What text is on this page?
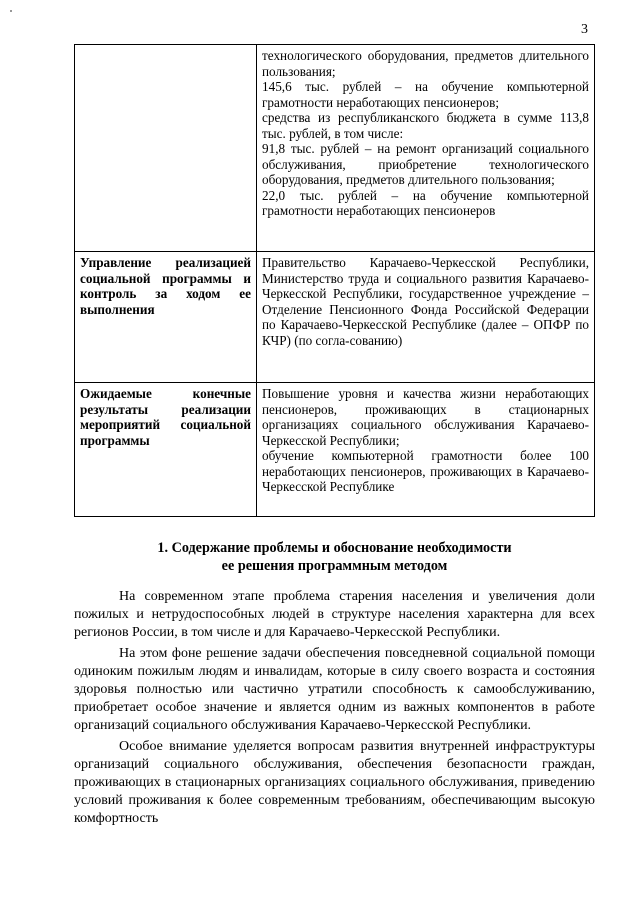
3

	технологического оборудования, предметов длительного пользования;
145,6 тыс. рублей – на обучение компьютерной грамотности неработающих пенсионеров;
средства из республиканского бюджета в сумме 113,8 тыс. рублей, в том числе:
91,8 тыс. рублей – на ремонт организаций социального обслуживания, приобретение технологического оборудования, предметов длительного пользования;
22,0 тыс. рублей – на обучение компьютерной грамотности неработающих пенсионеров

Управление реализацией социальной программы и контроль за ходом ее выполнения	Правительство Карачаево-Черкесской Республики, Министерство труда и социального развития Карачаево-Черкесской Республики, государственное учреждение – Отделение Пенсионного Фонда Российской Федерации по Карачаево-Черкесской Республике (далее – ОПФР по КЧР) (по согла-сованию)

Ожидаемые конечные результаты реализации мероприятий социальной программы	Повышение уровня и качества жизни неработающих пенсионеров, проживающих в стационарных организациях социального обслуживания Карачаево-Черкесской Республики;
обучение компьютерной грамотности более 100 неработающих пенсионеров, проживающих в Карачаево-Черкесской Республике
1. Содержание проблемы и обоснование необходимости
ее решения программным методом

На современном этапе проблема старения населения и увеличения доли пожилых и нетрудоспособных людей в структуре населения характерна для всех регионов России, в том числе и для Карачаево-Черкесской Республики.

На этом фоне решение задачи обеспечения повседневной социальной помощи одиноким пожилым людям и инвалидам, которые в силу своего возраста и состояния здоровья полностью или частично утратили способность к самообслуживанию, приобретает особое значение и является одним из важных компонентов в работе организаций социального обслуживания Карачаево-Черкесской Республики.

Особое внимание уделяется вопросам развития внутренней инфраструктуры организаций социального обслуживания, обеспечения безопасности граждан, проживающих в стационарных организациях социального обслуживания, приведению условий проживания к более современным требованиям, обеспечивающим высокую комфортность
